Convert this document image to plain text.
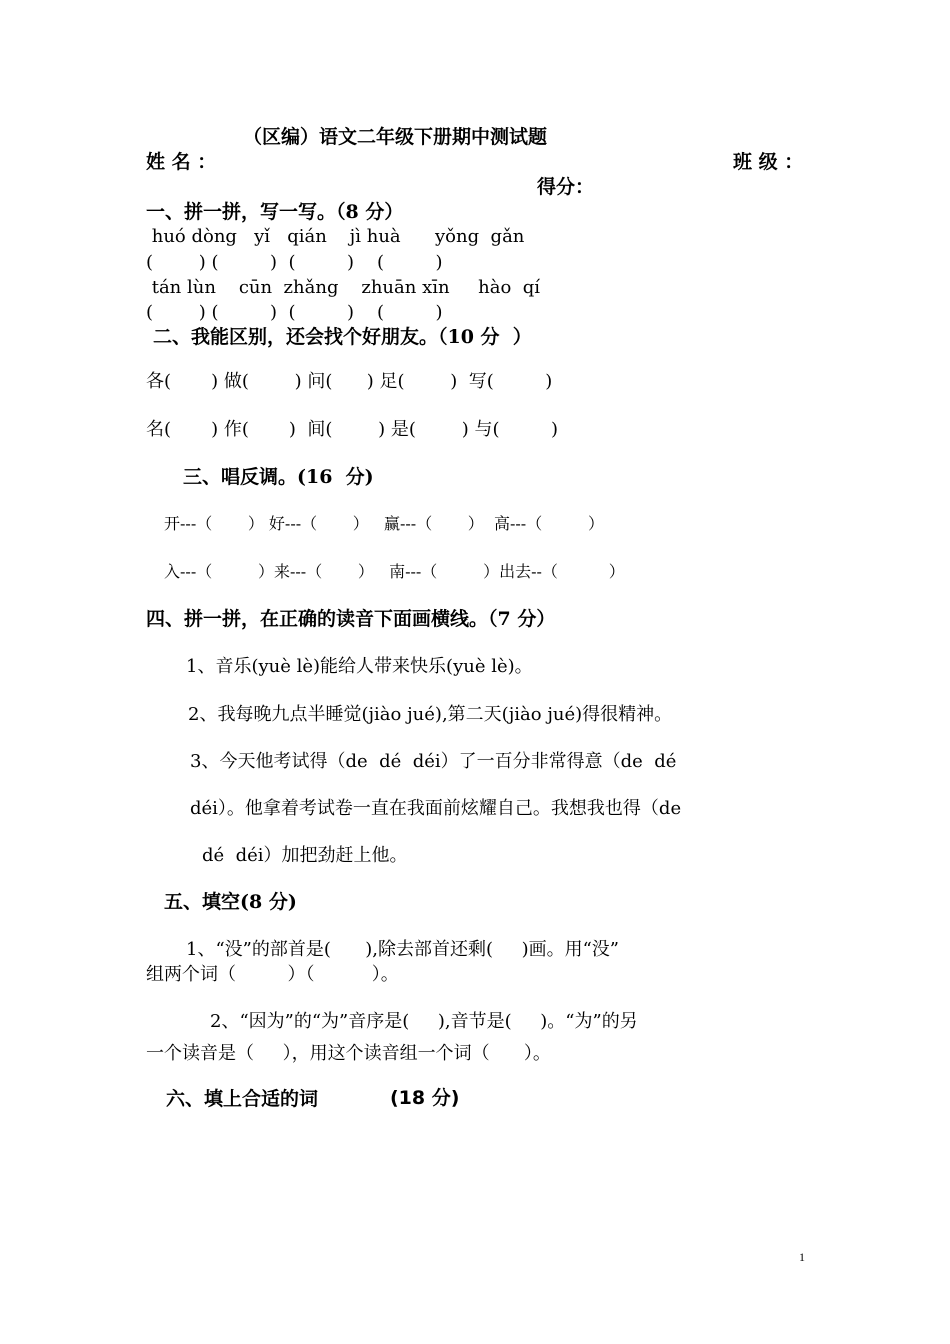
（区编）语文二年级下册期中测试题
姓 名 ：	班 级 ：
得分：
一、拼一拼，写一写。（8 分）
huó dòng   yǐ   qián    jì huà      yǒng  gǎn
(        ) (         )  (         )    (         )
tán lùn    cūn  zhǎng    zhuān xīn     hào  qí
(        ) (         )  (         )    (         )
二、我能区别，还会找个好朋友。（10 分  ）
各(       ) 做(        ) 问(      ) 足(        )  写(         )
名(       ) 作(       )  间(        ) 是(        ) 与(         )
三、唱反调。(16  分)
开---（       ） 好---（       ）   赢---（       ）  高---（         ）
入---（         ）来---（       ）   南---（         ）出去--（          ）
四、拼一拼，在正确的读音下面画横线。（7 分）
1、音乐(yuè lè)能给人带来快乐(yuè lè)。
2、我每晚九点半睡觉(jiào jué),第二天(jiào jué)得很精神。
3、今天他考试得（de  dé  déi）了一百分非常得意（de  dé
déi）。他拿着考试卷一直在我面前炫耀自己。我想我也得（de
dé  déi）加把劲赶上他。
五、填空(8 分)
1、“没”的部首是(      ),除去部首还剩(     )画。用“没”
组两个词（         ）（          ）。
2、“因为”的“为”音序是(     ),音节是(     )。“为”的另
一个读音是（     ），用这个读音组一个词（      ）。
六、填上合适的词	(18 分)
1
